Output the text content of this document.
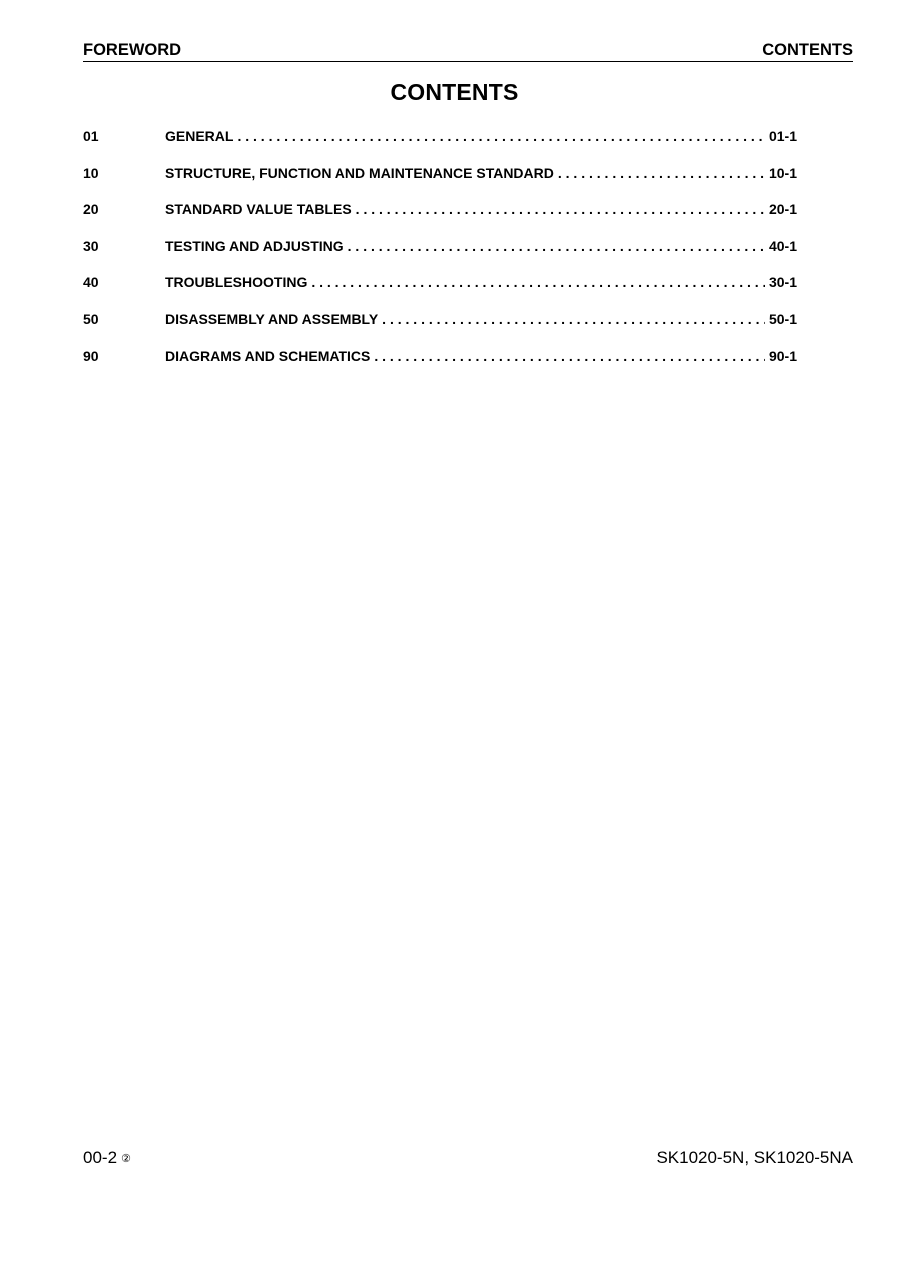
FOREWORD	CONTENTS
CONTENTS
01	GENERAL . . .	01-1
10	STRUCTURE, FUNCTION AND MAINTENANCE STANDARD . . .	10-1
20	STANDARD VALUE TABLES . . .	20-1
30	TESTING AND ADJUSTING . . .	40-1
40	TROUBLESHOOTING . . .	30-1
50	DISASSEMBLY AND ASSEMBLY . . .	50-1
90	DIAGRAMS AND SCHEMATICS . . .	90-1
00-2 ②	SK1020-5N, SK1020-5NA
